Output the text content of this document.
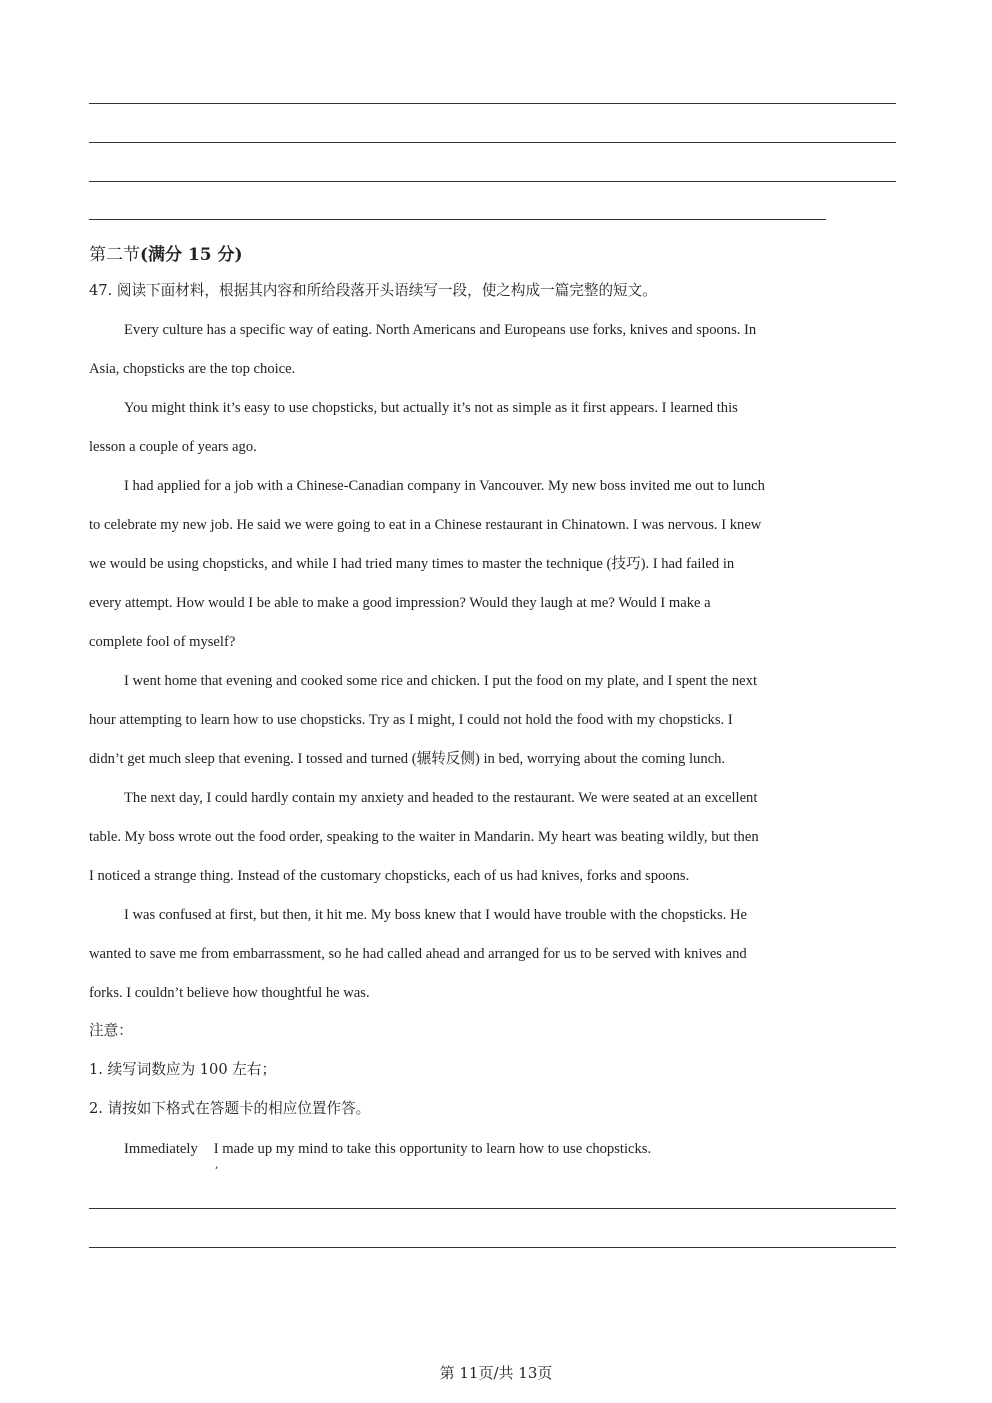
第二节(满分 15 分)
47. 阅读下面材料，根据其内容和所给段落开头语续写一段，使之构成一篇完整的短文。
Every culture has a specific way of eating. North Americans and Europeans use forks, knives and spoons. In
Asia, chopsticks are the top choice.
You might think it’s easy to use chopsticks, but actually it’s not as simple as it first appears. I learned this
lesson a couple of years ago.
I had applied for a job with a Chinese-Canadian company in Vancouver. My new boss invited me out to lunch
to celebrate my new job. He said we were going to eat in a Chinese restaurant in Chinatown. I was nervous. I knew
we would be using chopsticks, and while I had tried many times to master the technique (技巧). I had failed in
every attempt. How would I be able to make a good impression? Would they laugh at me? Would I make a
complete fool of myself?
I went home that evening and cooked some rice and chicken. I put the food on my plate, and I spent the next
hour attempting to learn how to use chopsticks. Try as I might, I could not hold the food with my chopsticks. I
didn’t get much sleep that evening. I tossed and turned (辗转反侧) in bed, worrying about the coming lunch.
The next day, I could hardly contain my anxiety and headed to the restaurant. We were seated at an excellent
table. My boss wrote out the food order, speaking to the waiter in Mandarin. My heart was beating wildly, but then
I noticed a strange thing. Instead of the customary chopsticks, each of us had knives, forks and spoons.
I was confused at first, but then, it hit me. My boss knew that I would have trouble with the chopsticks. He
wanted to save me from embarrassment, so he had called ahead and arranged for us to be served with knives and
forks. I couldn’t believe how thoughtful he was.
注意：
1. 续写词数应为 100 左右；
2. 请按如下格式在答题卡的相应位置作答。
Immediately I made up my mind to take this opportunity to learn how to use chopsticks.
,
第 11页/共 13页
